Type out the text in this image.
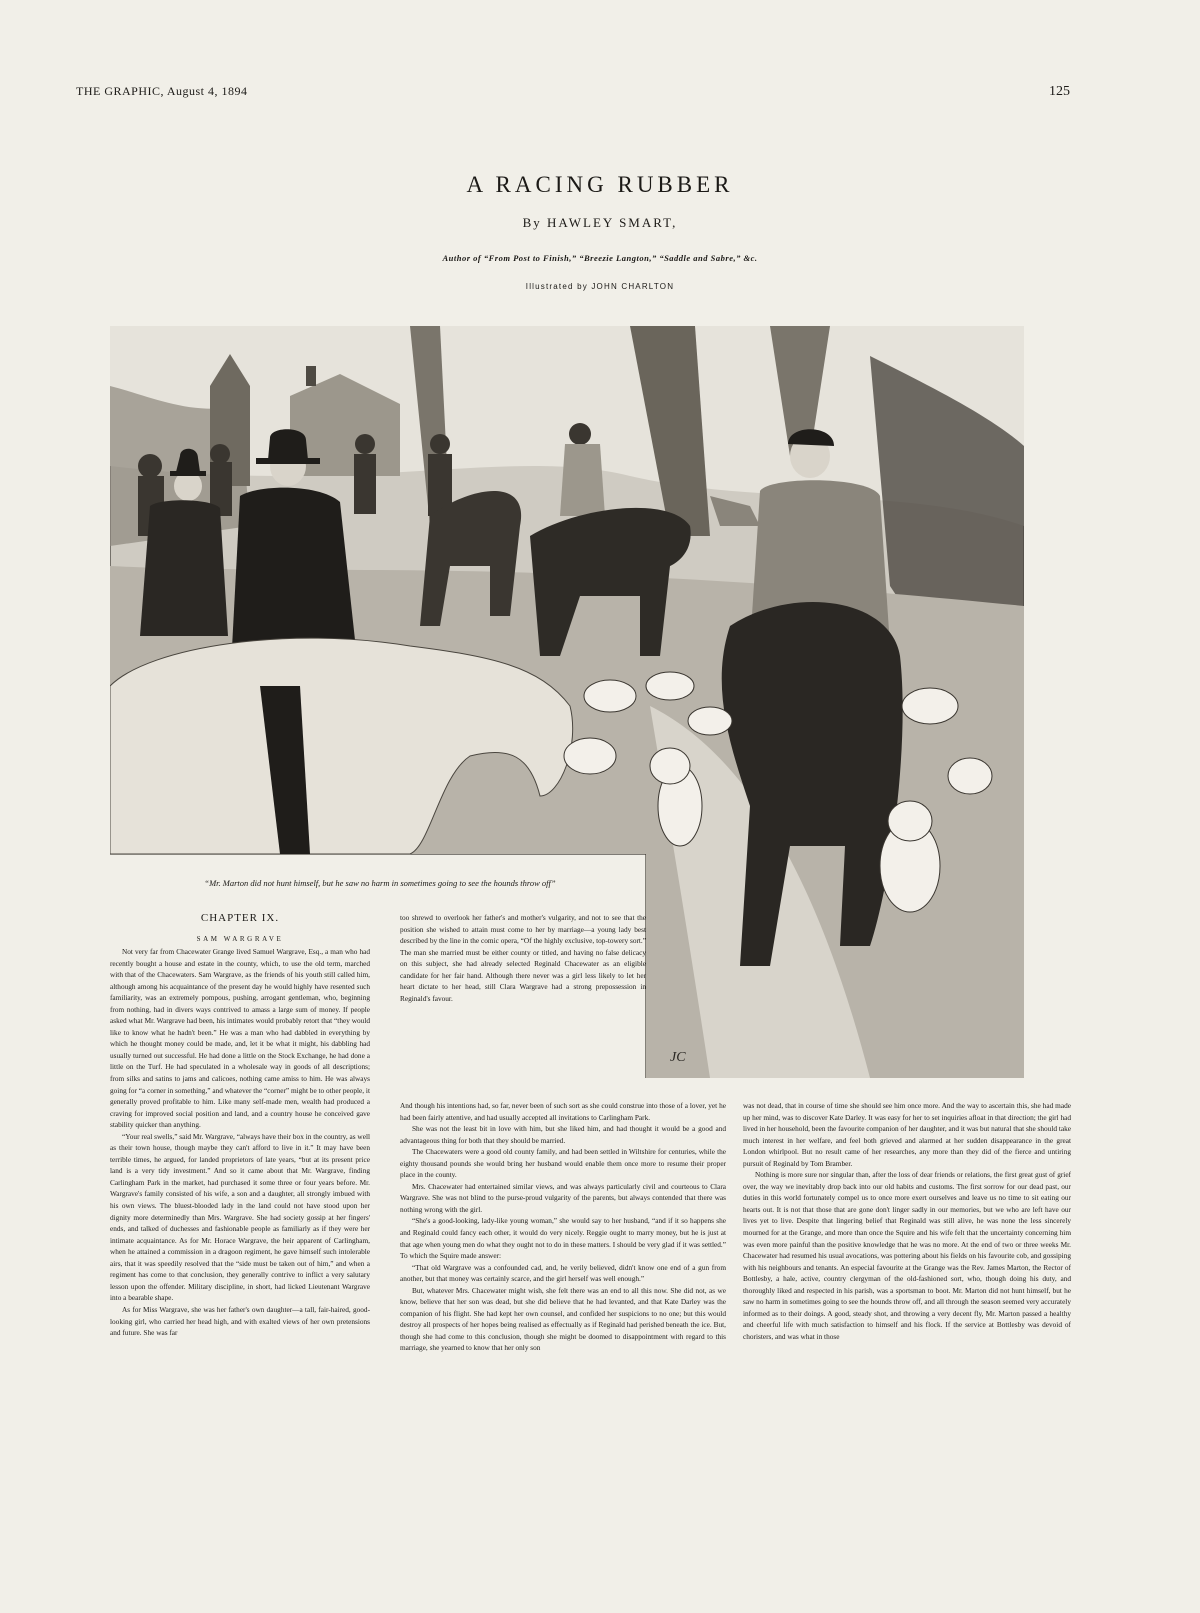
THE GRAPHIC, August 4, 1894	125
A RACING RUBBER
By HAWLEY SMART,
Author of “From Post to Finish,” “Breezie Langton,” “Saddle and Sabre,” &c.
Illustrated by JOHN CHARLTON
JC
“Mr. Marton did not hunt himself, but he saw no harm in sometimes going to see the hounds throw off”
CHAPTER IX.
SAM WARGRAVE

Not very far from Chacewater Grange lived Samuel Wargrave, Esq., a man who had recently bought a house and estate in the county, which, to use the old term, marched with that of the Chacewaters. Sam Wargrave, as the friends of his youth still called him, although among his acquaintance of the present day he would highly have resented such familiarity, was an extremely pompous, pushing, arrogant gentleman, who, beginning from nothing, had in divers ways contrived to amass a large sum of money. If people asked what Mr. Wargrave had been, his intimates would probably retort that “they would like to know what he hadn't been.” He was a man who had dabbled in everything by which he thought money could be made, and, let it be what it might, his dabbling had usually turned out successful. He had done a little on the Stock Exchange, he had done a little on the Turf. He had speculated in a wholesale way in goods of all descriptions; from silks and satins to jams and calicoes, nothing came amiss to him. He was always going for “a corner in something,” and whatever the “corner” might be to other people, it generally proved profitable to him. Like many self-made men, wealth had produced a craving for improved social position and land, and a country house he conceived gave stability quicker than anything.

“Your real swells,” said Mr. Wargrave, “always have their box in the country, as well as their town house, though maybe they can't afford to live in it.” It may have been terrible times, he argued, for landed proprietors of late years, “but at its present price land is a very tidy investment.” And so it came about that Mr. Wargrave, finding Carlingham Park in the market, had purchased it some three or four years before. Mr. Wargrave's family consisted of his wife, a son and a daughter, all strongly imbued with his own views. The bluest-blooded lady in the land could not have stood upon her dignity more determinedly than Mrs. Wargrave. She had society gossip at her fingers' ends, and talked of duchesses and fashionable people as familiarly as if they were her intimate acquaintance. As for Mr. Horace Wargrave, the heir apparent of Carlingham, when he attained a commission in a dragoon regiment, he gave himself such intolerable airs, that it was speedily resolved that the “side must be taken out of him,” and when a regiment has come to that conclusion, they generally contrive to inflict a very salutary lesson upon the offender. Military discipline, in short, had licked Lieutenant Wargrave into a bearable shape.

As for Miss Wargrave, she was her father's own daughter—a tall, fair-haired, good-looking girl, who carried her head high, and with exalted views of her own pretensions and future. She was far

too shrewd to overlook her father's and mother's vulgarity, and not to see that the position she wished to attain must come to her by marriage—a young lady best described by the line in the comic opera, “Of the highly exclusive, top-towery sort.” The man she married must be either county or titled, and having no false delicacy on this subject, she had already selected Reginald Chacewater as an eligible candidate for her fair hand. Although there never was a girl less likely to let her heart dictate to her head, still Clara Wargrave had a strong prepossession in Reginald's favour.

And though his intentions had, so far, never been of such sort as she could construe into those of a lover, yet he had been fairly attentive, and had usually accepted all invitations to Carlingham Park.

She was not the least bit in love with him, but she liked him, and had thought it would be a good and advantageous thing for both that they should be married.

The Chacewaters were a good old county family, and had been settled in Wiltshire for centuries, while the eighty thousand pounds she would bring her husband would enable them once more to resume their proper place in the county.

Mrs. Chacewater had entertained similar views, and was always particularly civil and courteous to Clara Wargrave. She was not blind to the purse-proud vulgarity of the parents, but always contended that there was nothing wrong with the girl.

“She's a good-looking, lady-like young woman,” she would say to her husband, “and if it so happens she and Reginald could fancy each other, it would do very nicely. Reggie ought to marry money, but he is just at that age when young men do what they ought not to do in these matters. I should be very glad if it was settled.” To which the Squire made answer:

“That old Wargrave was a confounded cad, and, he verily believed, didn't know one end of a gun from another, but that money was certainly scarce, and the girl herself was well enough.”

But, whatever Mrs. Chacewater might wish, she felt there was an end to all this now. She did not, as we know, believe that her son was dead, but she did believe that he had levanted, and that Kate Darley was the companion of his flight. She had kept her own counsel, and confided her suspicions to no one; but this would destroy all prospects of her hopes being realised as effectually as if Reginald had perished beneath the ice. But, though she had come to this conclusion, though she might be doomed to disappointment with regard to this marriage, she yearned to know that her only son

was not dead, that in course of time she should see him once more. And the way to ascertain this, she had made up her mind, was to discover Kate Darley. It was easy for her to set inquiries afloat in that direction; the girl had lived in her household, been the favourite companion of her daughter, and it was but natural that she should take much interest in her welfare, and feel both grieved and alarmed at her sudden disappearance in the great London whirlpool. But no result came of her researches, any more than they did of the fierce and untiring pursuit of Reginald by Tom Bramber.

Nothing is more sure nor singular than, after the loss of dear friends or relations, the first great gust of grief over, the way we inevitably drop back into our old habits and customs. The first sorrow for our dead past, our duties in this world fortunately compel us to once more exert ourselves and leave us no time to sit eating our hearts out. It is not that those that are gone don't linger sadly in our memories, but we who are left have our lives yet to live. Despite that lingering belief that Reginald was still alive, he was none the less sincerely mourned for at the Grange, and more than once the Squire and his wife felt that the uncertainty concerning him was even more painful than the positive knowledge that he was no more. At the end of two or three weeks Mr. Chacewater had resumed his usual avocations, was pottering about his fields on his favourite cob, and gossiping with his neighbours and tenants. An especial favourite at the Grange was the Rev. James Marton, the Rector of Bottlesby, a hale, active, country clergyman of the old-fashioned sort, who, though doing his duty, and thoroughly liked and respected in his parish, was a sportsman to boot. Mr. Marton did not hunt himself, but he saw no harm in sometimes going to see the hounds throw off, and all through the season seemed very accurately informed as to their doings. A good, steady shot, and throwing a very decent fly, Mr. Marton passed a healthy and cheerful life with much satisfaction to himself and his flock. If the service at Bottlesby was devoid of choristers, and was what in those
